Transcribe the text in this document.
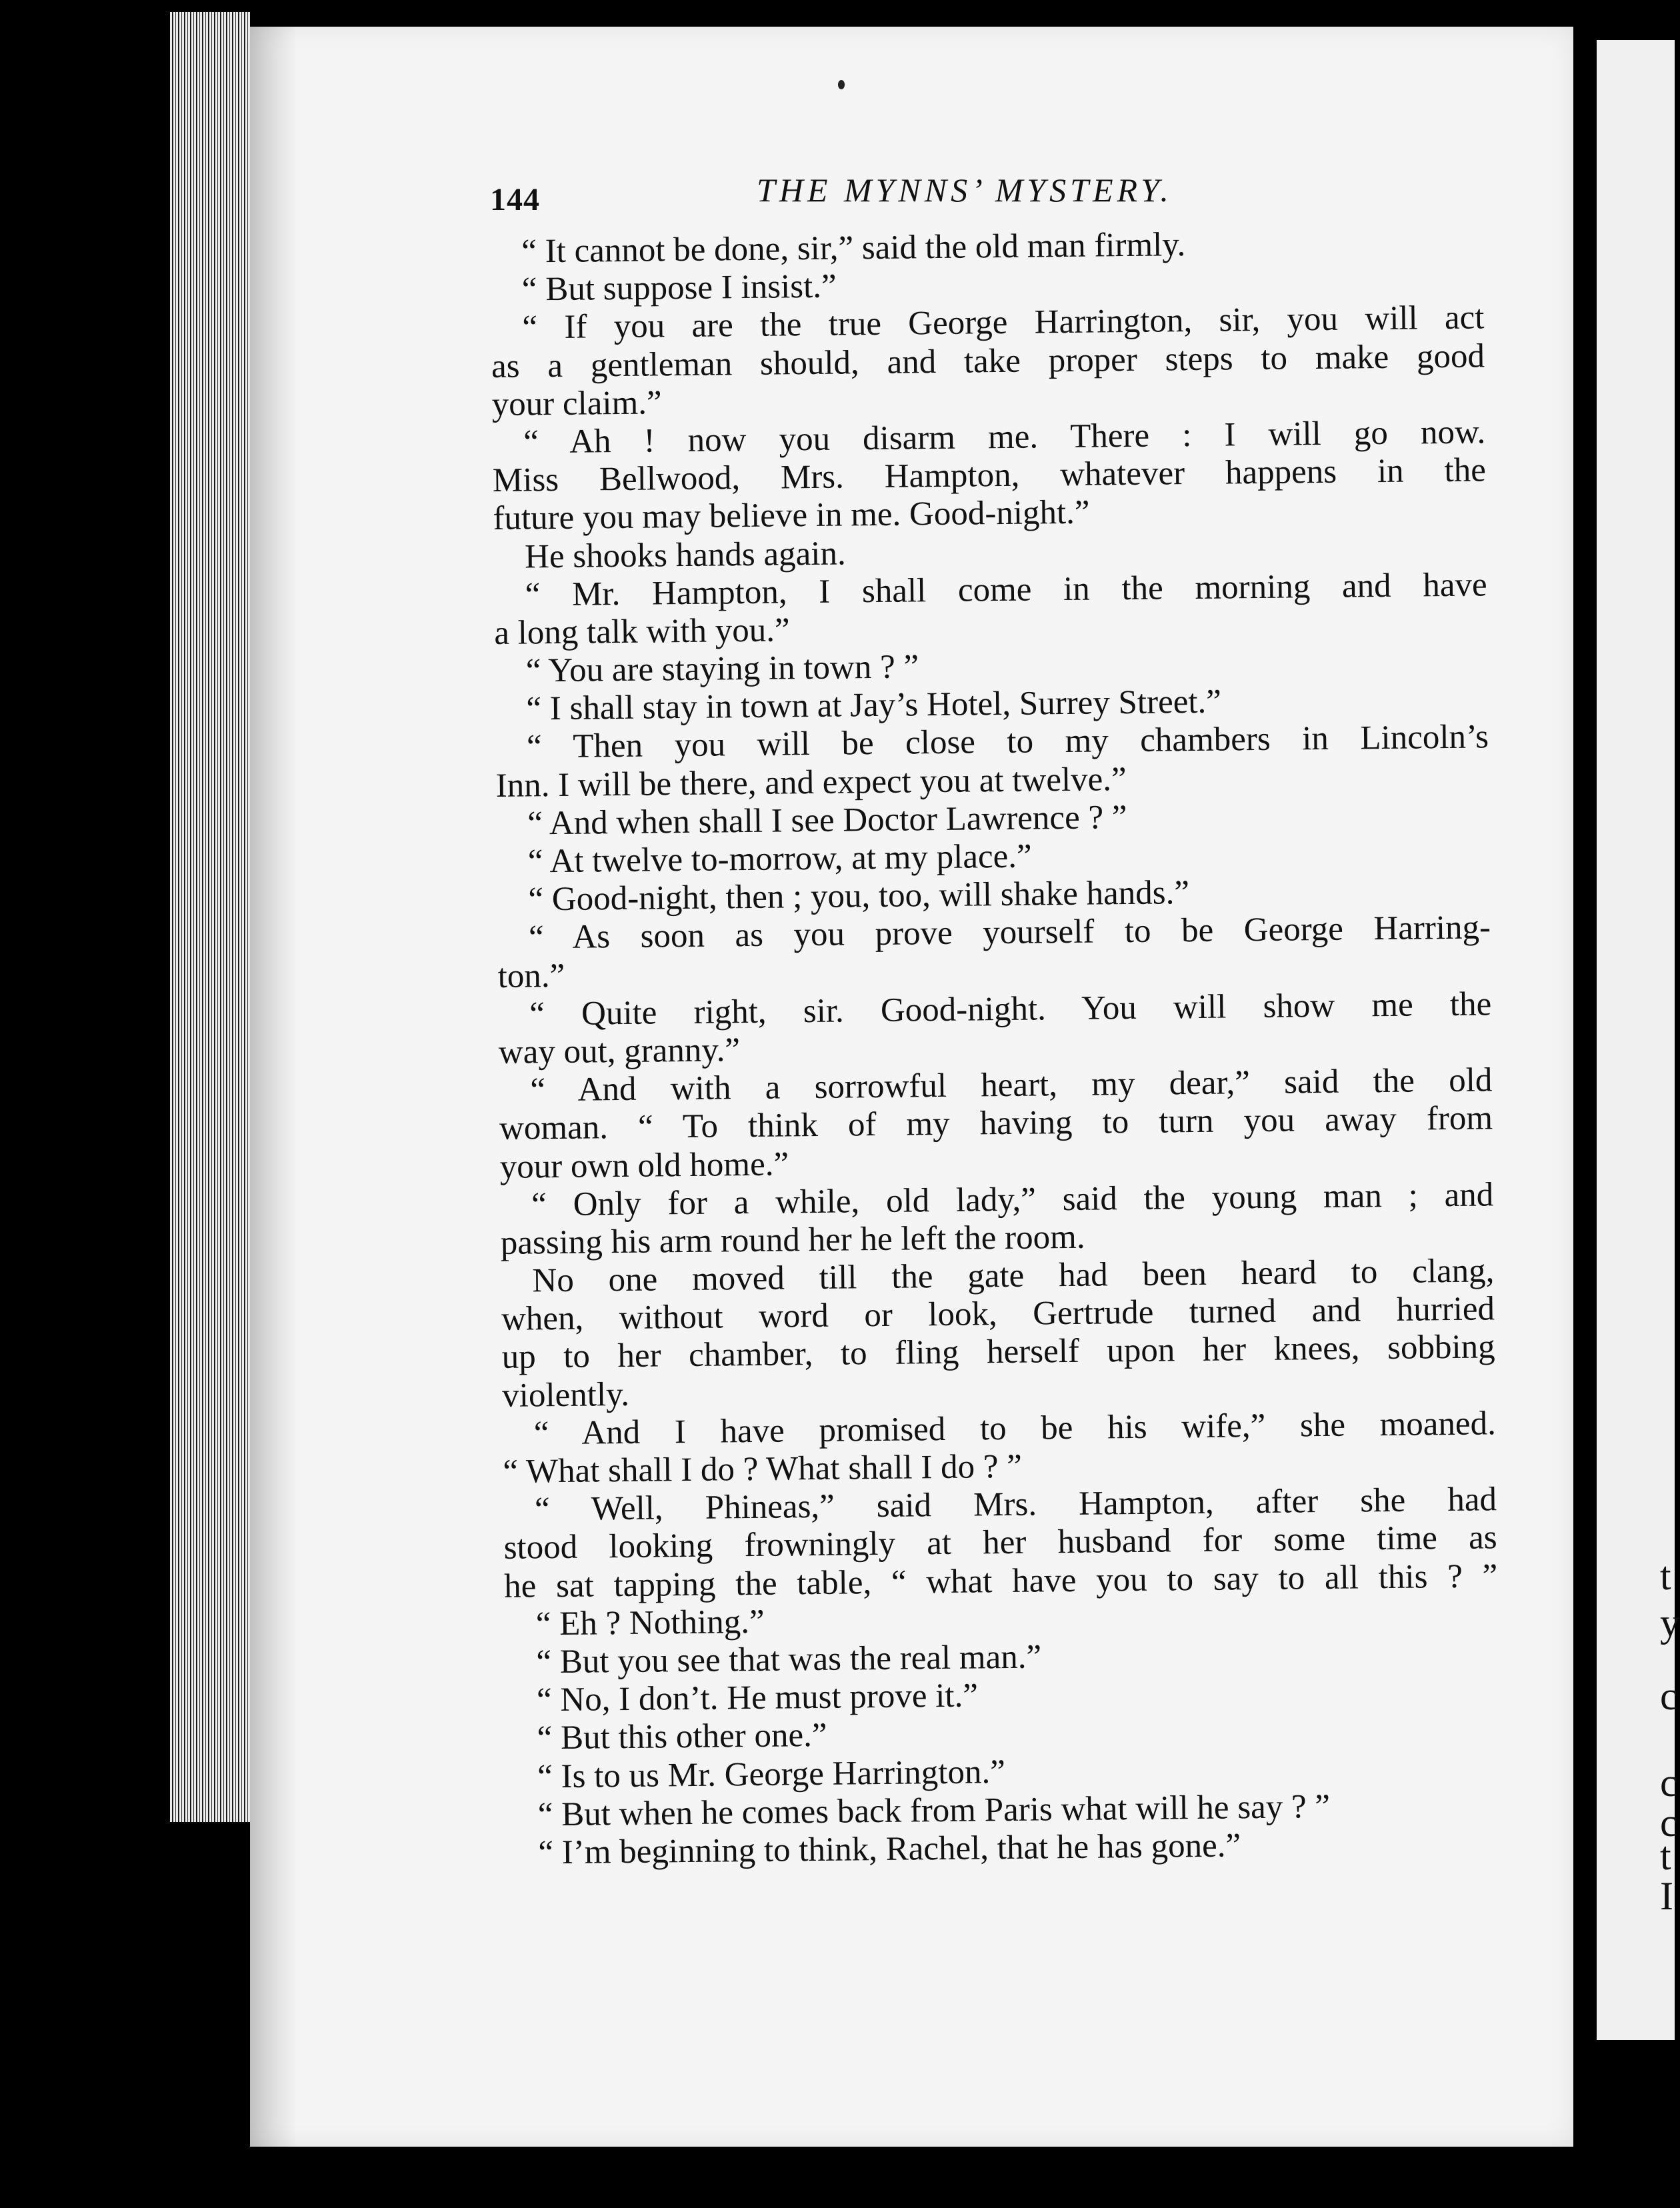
144	THE MYNNS’ MYSTERY.
“ It cannot be done, sir,” said the old man firmly.
“ But suppose I insist.”
“ If you are the true George Harrington, sir, you will act
as a gentleman should, and take proper steps to make good
your claim.”
“ Ah ! now you disarm me. There : I will go now.
Miss Bellwood, Mrs. Hampton, whatever happens in the
future you may believe in me. Good-night.”
He shooks hands again.
“ Mr. Hampton, I shall come in the morning and have
a long talk with you.”
“ You are staying in town ? ”
“ I shall stay in town at Jay’s Hotel, Surrey Street.”
“ Then you will be close to my chambers in Lincoln’s
Inn. I will be there, and expect you at twelve.”
“ And when shall I see Doctor Lawrence ? ”
“ At twelve to-morrow, at my place.”
“ Good-night, then ; you, too, will shake hands.”
“ As soon as you prove yourself to be George Harring-
ton.”
“ Quite right, sir. Good-night. You will show me the
way out, granny.”
“ And with a sorrowful heart, my dear,” said the old
woman. “ To think of my having to turn you away from
your own old home.”
“ Only for a while, old lady,” said the young man ; and
passing his arm round her he left the room.
No one moved till the gate had been heard to clang,
when, without word or look, Gertrude turned and hurried
up to her chamber, to fling herself upon her knees, sobbing
violently.
“ And I have promised to be his wife,” she moaned.
“ What shall I do ? What shall I do ? ”
“ Well, Phineas,” said Mrs. Hampton, after she had
stood looking frowningly at her husband for some time as
he sat tapping the table, “ what have you to say to all this ? ”
“ Eh ? Nothing.”
“ But you see that was the real man.”
“ No, I don’t. He must prove it.”
“ But this other one.”
“ Is to us Mr. George Harrington.”
“ But when he comes back from Paris what will he say ? ”
“ I’m beginning to think, Rachel, that he has gone.”
t
y
c
c
c
t
I
